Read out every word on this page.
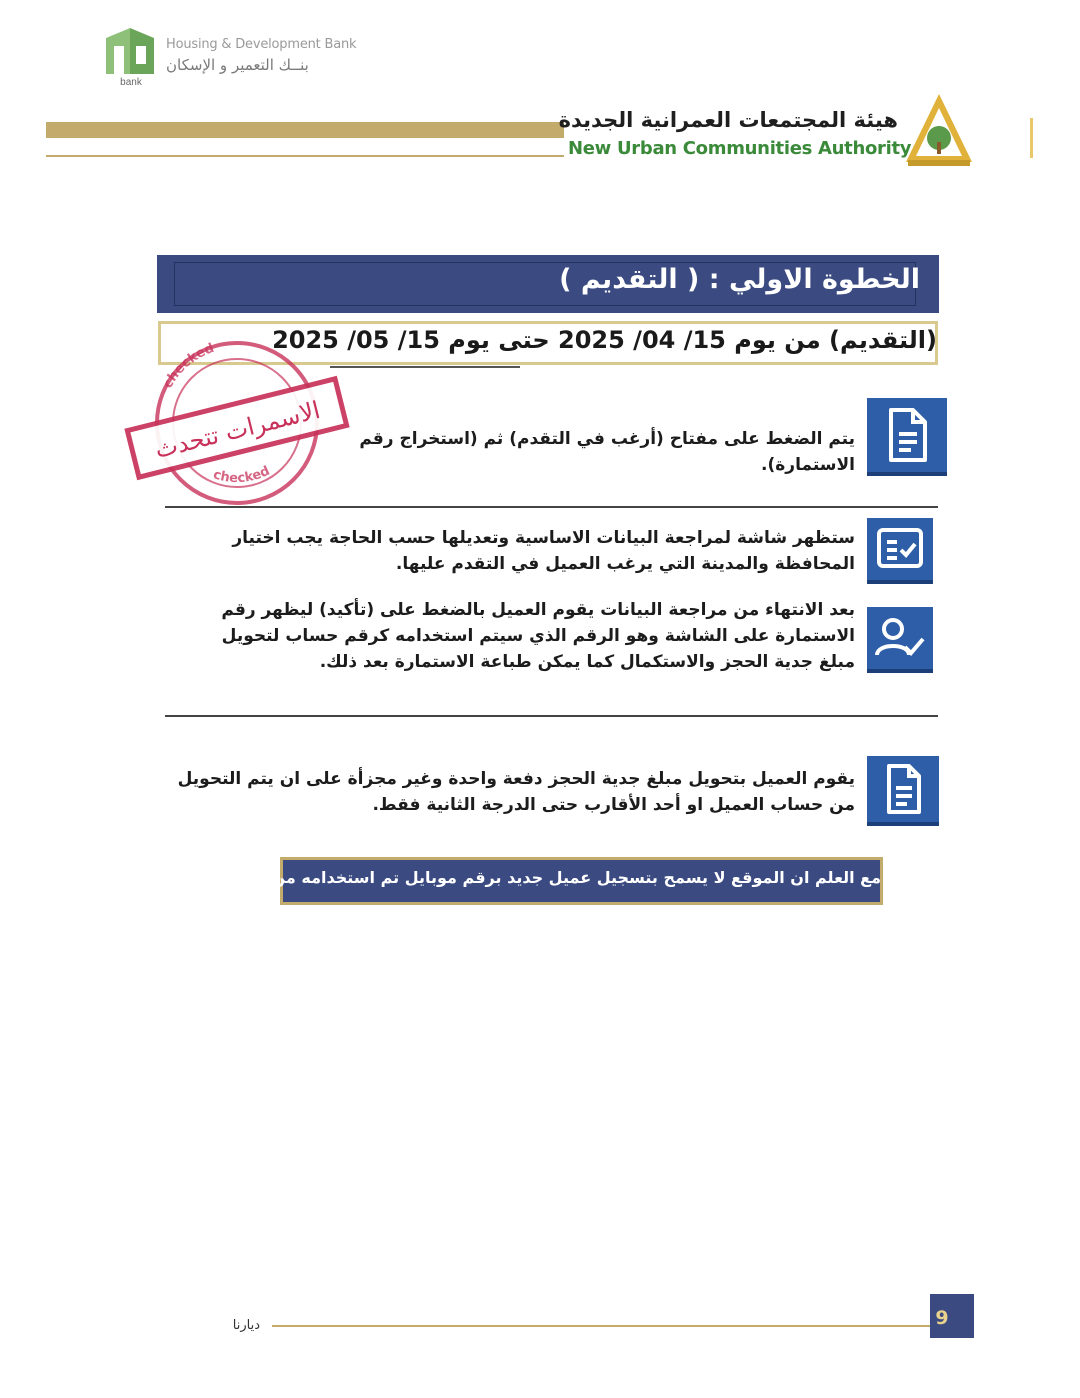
bank
Housing & Development Bank
بنــك التعمير و الإسكان
هيئة المجتمعات العمرانية الجديدة
New Urban Communities Authority
الخطوة الاولي : ( التقديم )
(التقديم) من يوم 15/ 04/ 2025 حتى يوم 15/ 05/ 2025
يتم الضغط على مفتاح (أرغب في التقدم) ثم (استخراج رقم الاستمارة).
ستظهر شاشة لمراجعة البيانات الاساسية وتعديلها حسب الحاجة يجب اختيار المحافظة والمدينة التي يرغب العميل في التقدم عليها.
بعد الانتهاء من مراجعة البيانات يقوم العميل بالضغط على (تأكيد) ليظهر رقم الاستمارة على الشاشة وهو الرقم الذي سيتم استخدامه كرقم حساب لتحويل مبلغ جدية الحجز والاستكمال كما يمكن طباعة الاستمارة بعد ذلك.
يقوم العميل بتحويل مبلغ جدية الحجز دفعة واحدة وغير مجزأة على ان يتم التحويل من حساب العميل او أحد الأقارب حتى الدرجة الثانية فقط.
مع العلم ان الموقع لا يسمح بتسجيل عميل جديد برقم موبايل تم استخدامه من قبل
checked
checked
الاسمرات تتحدث
9
ديارنا
